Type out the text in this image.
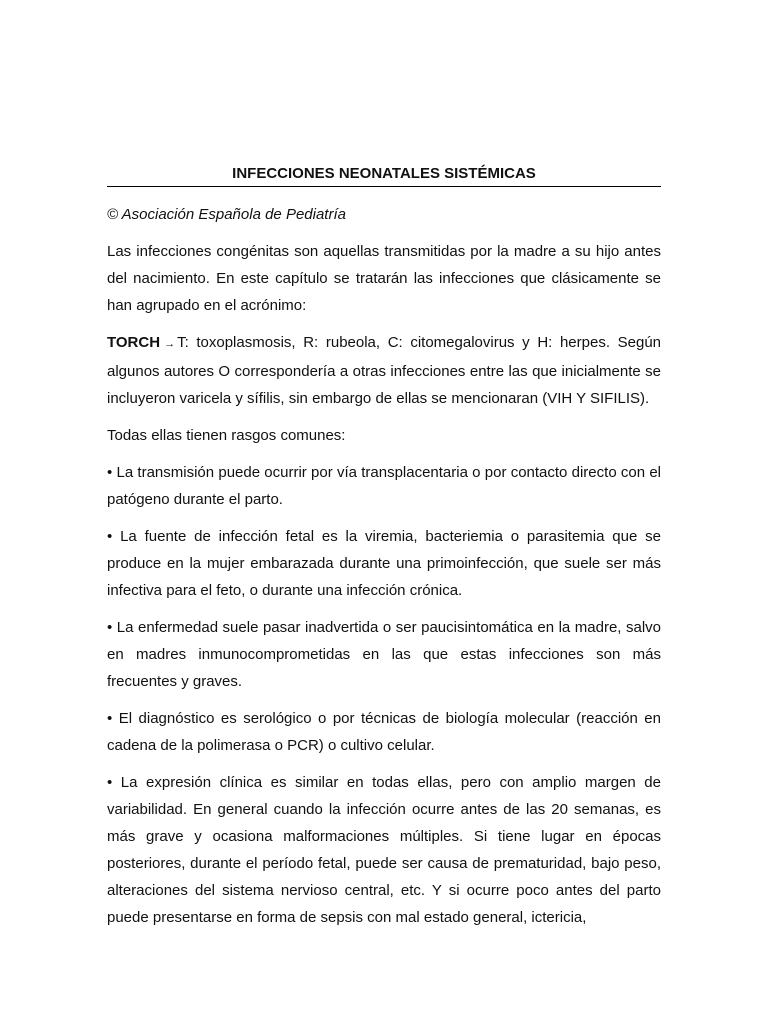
INFECCIONES NEONATALES SISTÉMICAS
© Asociación Española de Pediatría

Las infecciones congénitas son aquellas transmitidas por la madre a su hijo antes del nacimiento. En este capítulo se tratarán las infecciones que clásicamente se han agrupado en el acrónimo:

TORCH → T: toxoplasmosis, R: rubeola, C: citomegalovirus y H: herpes. Según algunos autores O correspondería a otras infecciones entre las que inicialmente se incluyeron varicela y sífilis, sin embargo de ellas se mencionaran (VIH Y SIFILIS).

Todas ellas tienen rasgos comunes:

• La transmisión puede ocurrir por vía transplacentaria o por contacto directo con el patógeno durante el parto.

• La fuente de infección fetal es la viremia, bacteriemia o parasitemia que se produce en la mujer embarazada durante una primoinfección, que suele ser más infectiva para el feto, o durante una infección crónica.

• La enfermedad suele pasar inadvertida o ser paucisintomática en la madre, salvo en madres inmunocomprometidas en las que estas infecciones son más frecuentes y graves.

• El diagnóstico es serológico o por técnicas de biología molecular (reacción en cadena de la polimerasa o PCR) o cultivo celular.

• La expresión clínica es similar en todas ellas, pero con amplio margen de variabilidad. En general cuando la infección ocurre antes de las 20 semanas, es más grave y ocasiona malformaciones múltiples. Si tiene lugar en épocas posteriores, durante el período fetal, puede ser causa de prematuridad, bajo peso, alteraciones del sistema nervioso central, etc. Y si ocurre poco antes del parto puede presentarse en forma de sepsis con mal estado general, ictericia,
